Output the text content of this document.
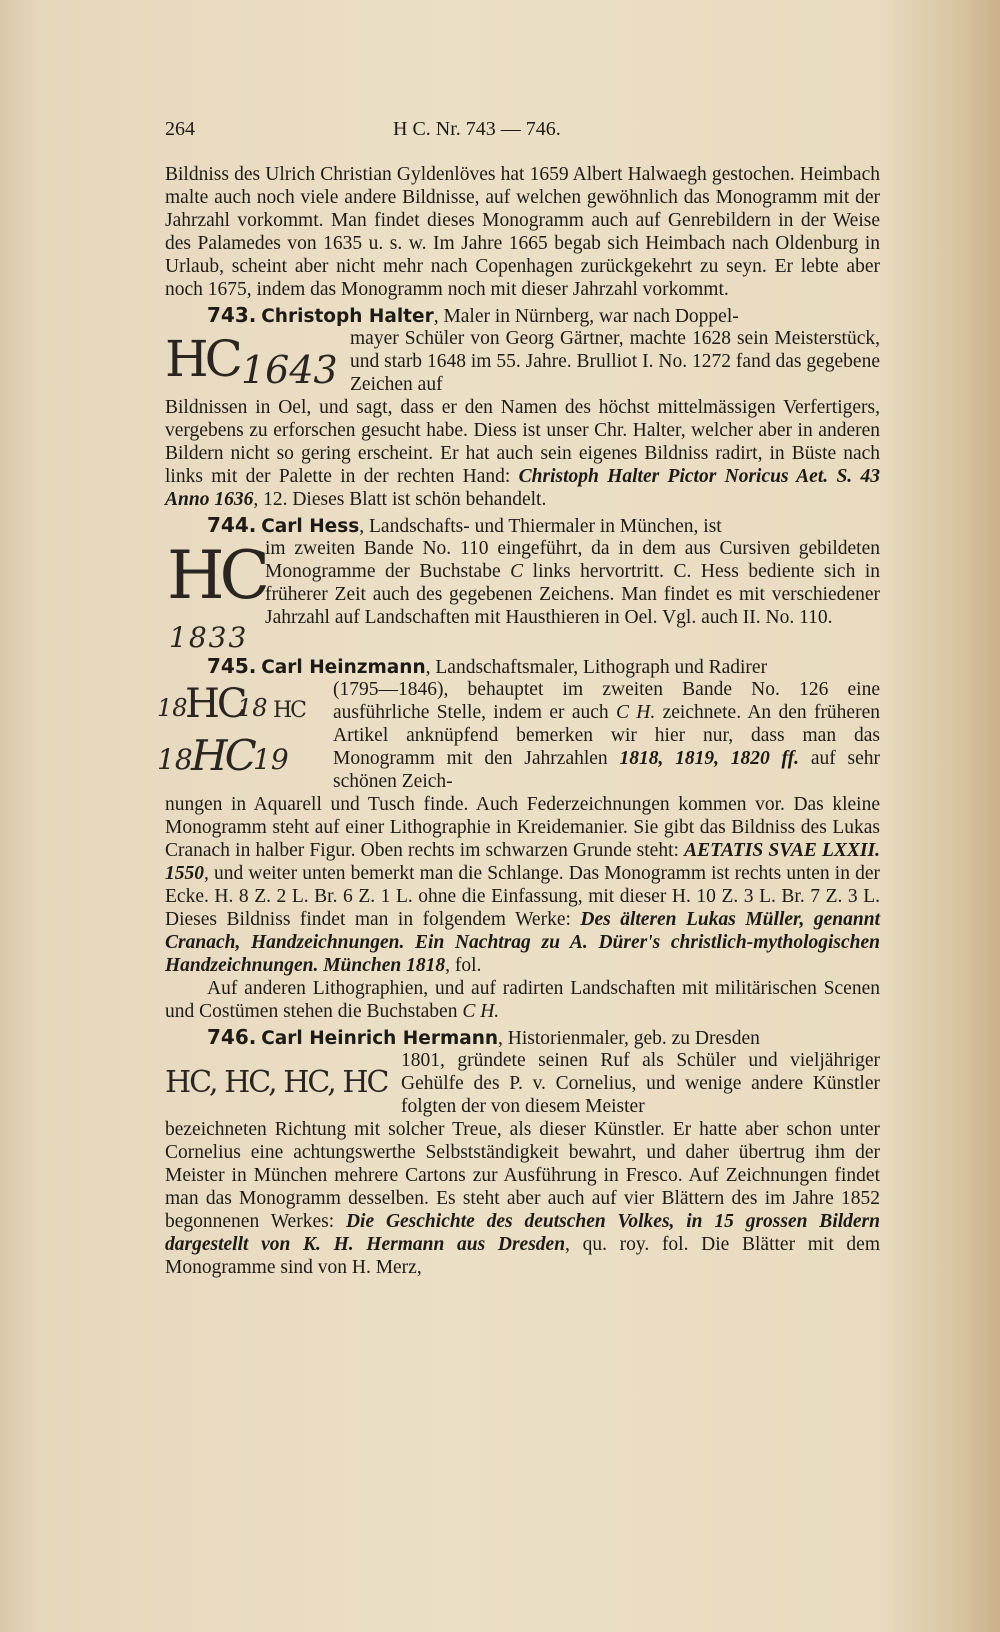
264	H C. Nr. 743 — 746.

Bildniss des Ulrich Christian Gyldenlöves hat 1659 Albert Halwaegh gestochen. Heimbach malte auch noch viele andere Bildnisse, auf welchen gewöhnlich das Monogramm mit der Jahrzahl vorkommt. Man findet dieses Monogramm auch auf Genrebildern in der Weise des Palamedes von 1635 u. s. w. Im Jahre 1665 begab sich Heimbach nach Oldenburg in Urlaub, scheint aber nicht mehr nach Copenhagen zurückgekehrt zu seyn. Er lebte aber noch 1675, indem das Monogramm noch mit dieser Jahrzahl vorkommt.

743. Christoph Halter, Maler in Nürnberg, war nach Doppel-
HC 1643
mayer Schüler von Georg Gärtner, machte 1628 sein Meisterstück, und starb 1648 im 55. Jahre. Brulliot I. No. 1272 fand das gegebene Zeichen auf

Bildnissen in Oel, und sagt, dass er den Namen des höchst mittelmässigen Verfertigers, vergebens zu erforschen gesucht habe. Diess ist unser Chr. Halter, welcher aber in anderen Bildern nicht so gering erscheint. Er hat auch sein eigenes Bildniss radirt, in Büste nach links mit der Palette in der rechten Hand: Christoph Halter Pictor Noricus Aet. S. 43 Anno 1636, 12. Dieses Blatt ist schön behandelt.

744. Carl Hess, Landschafts- und Thiermaler in München, ist
HC
1833
im zweiten Bande No. 110 eingeführt, da in dem aus Cursiven gebildeten Monogramme der Buchstabe C links hervortritt. C. Hess bediente sich in früherer Zeit auch des gegebenen Zeichens. Man findet es mit verschiedener Jahrzahl auf Landschaften mit Hausthieren in Oel. Vgl. auch II. No. 110.
745. Carl Heinzmann, Landschaftsmaler, Lithograph und Radirer
18
HC
18 HC
18
HC 19
(1795—1846), behauptet im zweiten Bande No. 126 eine ausführliche Stelle, indem er auch C H. zeichnete. An den früheren Artikel anknüpfend bemerken wir hier nur, dass man das Monogramm mit den Jahrzahlen 1818, 1819, 1820 ff. auf sehr schönen Zeich-

nungen in Aquarell und Tusch finde. Auch Federzeichnungen kommen vor. Das kleine Monogramm steht auf einer Lithographie in Kreidemanier. Sie gibt das Bildniss des Lukas Cranach in halber Figur. Oben rechts im schwarzen Grunde steht: AETATIS SVAE LXXII. 1550, und weiter unten bemerkt man die Schlange. Das Monogramm ist rechts unten in der Ecke. H. 8 Z. 2 L. Br. 6 Z. 1 L. ohne die Einfassung, mit dieser H. 10 Z. 3 L. Br. 7 Z. 3 L. Dieses Bildniss findet man in folgendem Werke: Des älteren Lukas Müller, genannt Cranach, Handzeichnungen. Ein Nachtrag zu A. Dürer's christlich-mythologischen Handzeichnungen. München 1818, fol.

Auf anderen Lithographien, und auf radirten Landschaften mit militärischen Scenen und Costümen stehen die Buchstaben C H.

746. Carl Heinrich Hermann, Historienmaler, geb. zu Dresden
HC, HC, HC, HC
1801, gründete seinen Ruf als Schüler und vieljähriger Gehülfe des P. v. Cornelius, und wenige andere Künstler folgten der von diesem Meister

bezeichneten Richtung mit solcher Treue, als dieser Künstler. Er hatte aber schon unter Cornelius eine achtungswerthe Selbstständigkeit bewahrt, und daher übertrug ihm der Meister in München mehrere Cartons zur Ausführung in Fresco. Auf Zeichnungen findet man das Monogramm desselben. Es steht aber auch auf vier Blättern des im Jahre 1852 begonnenen Werkes: Die Geschichte des deutschen Volkes, in 15 grossen Bildern dargestellt von K. H. Hermann aus Dresden, qu. roy. fol. Die Blätter mit dem Monogramme sind von H. Merz,
